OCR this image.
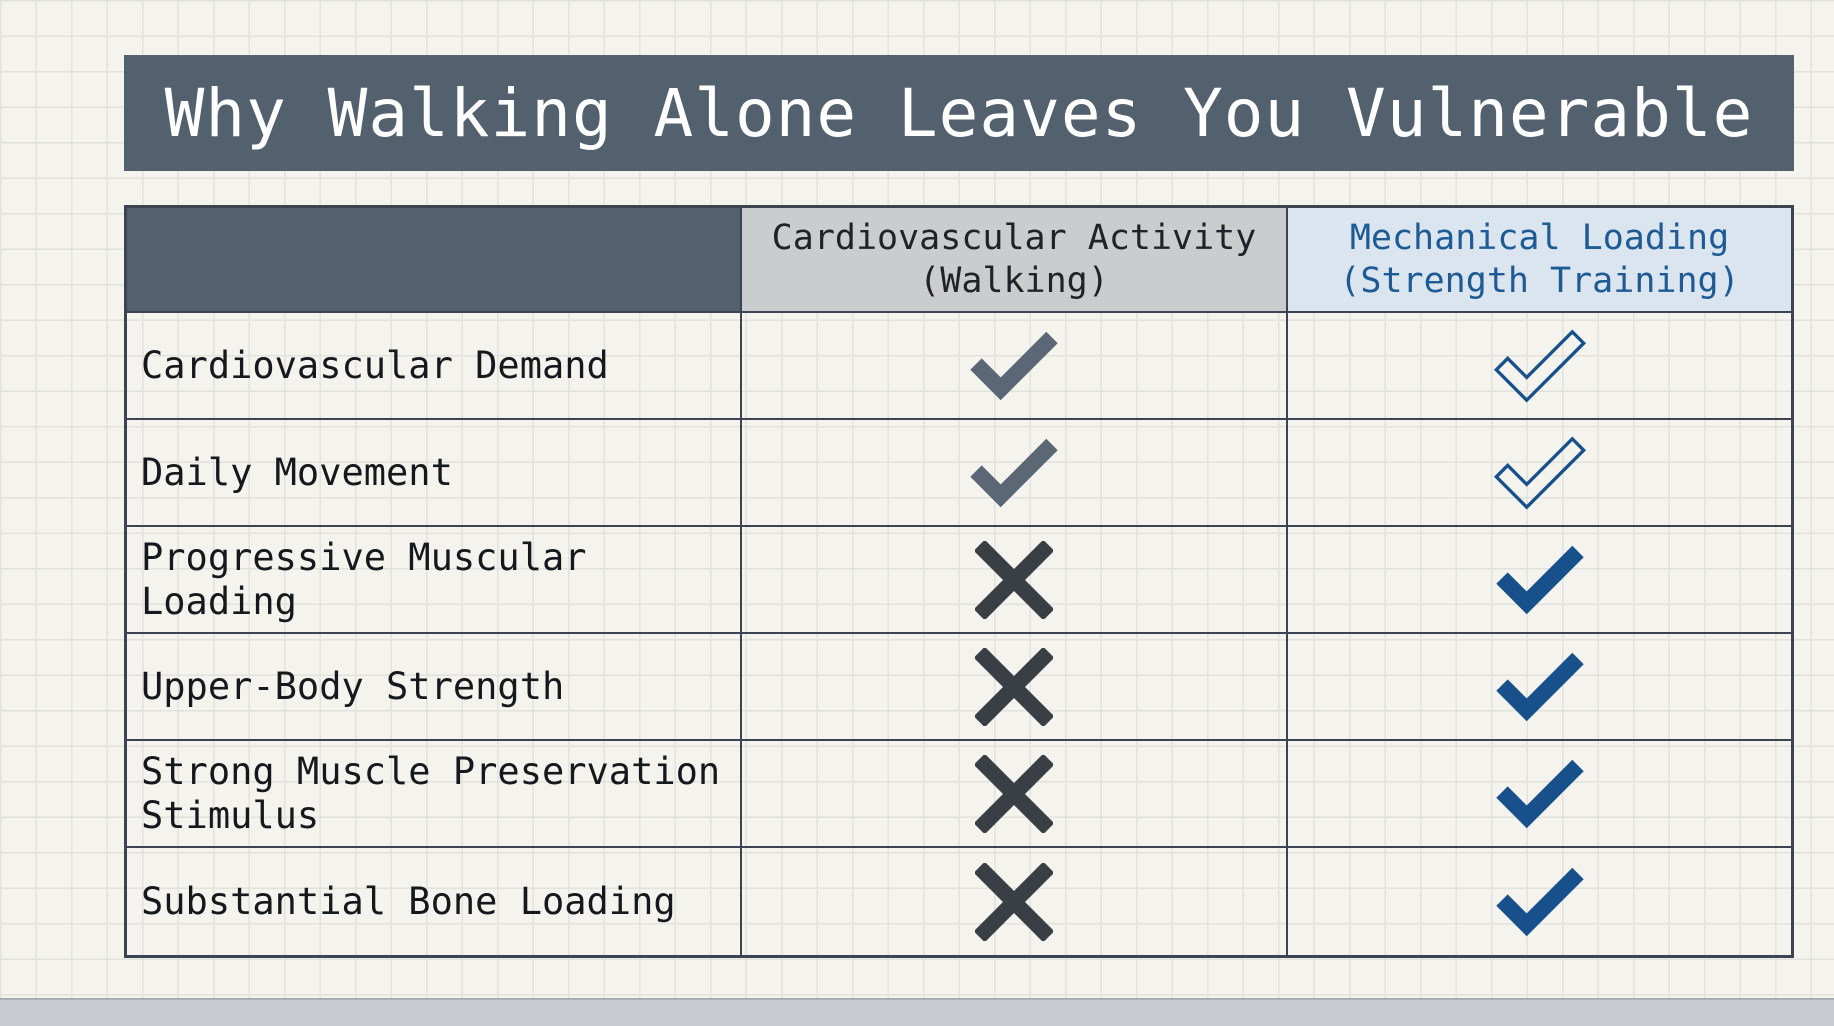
Why Walking Alone Leaves You Vulnerable
Cardiovascular Activity
(Walking)
Mechanical Loading
(Strength Training)
Cardiovascular Demand
Daily Movement
Progressive Muscular Loading
Upper-Body Strength
Strong Muscle Preservation
Stimulus
Substantial Bone Loading
